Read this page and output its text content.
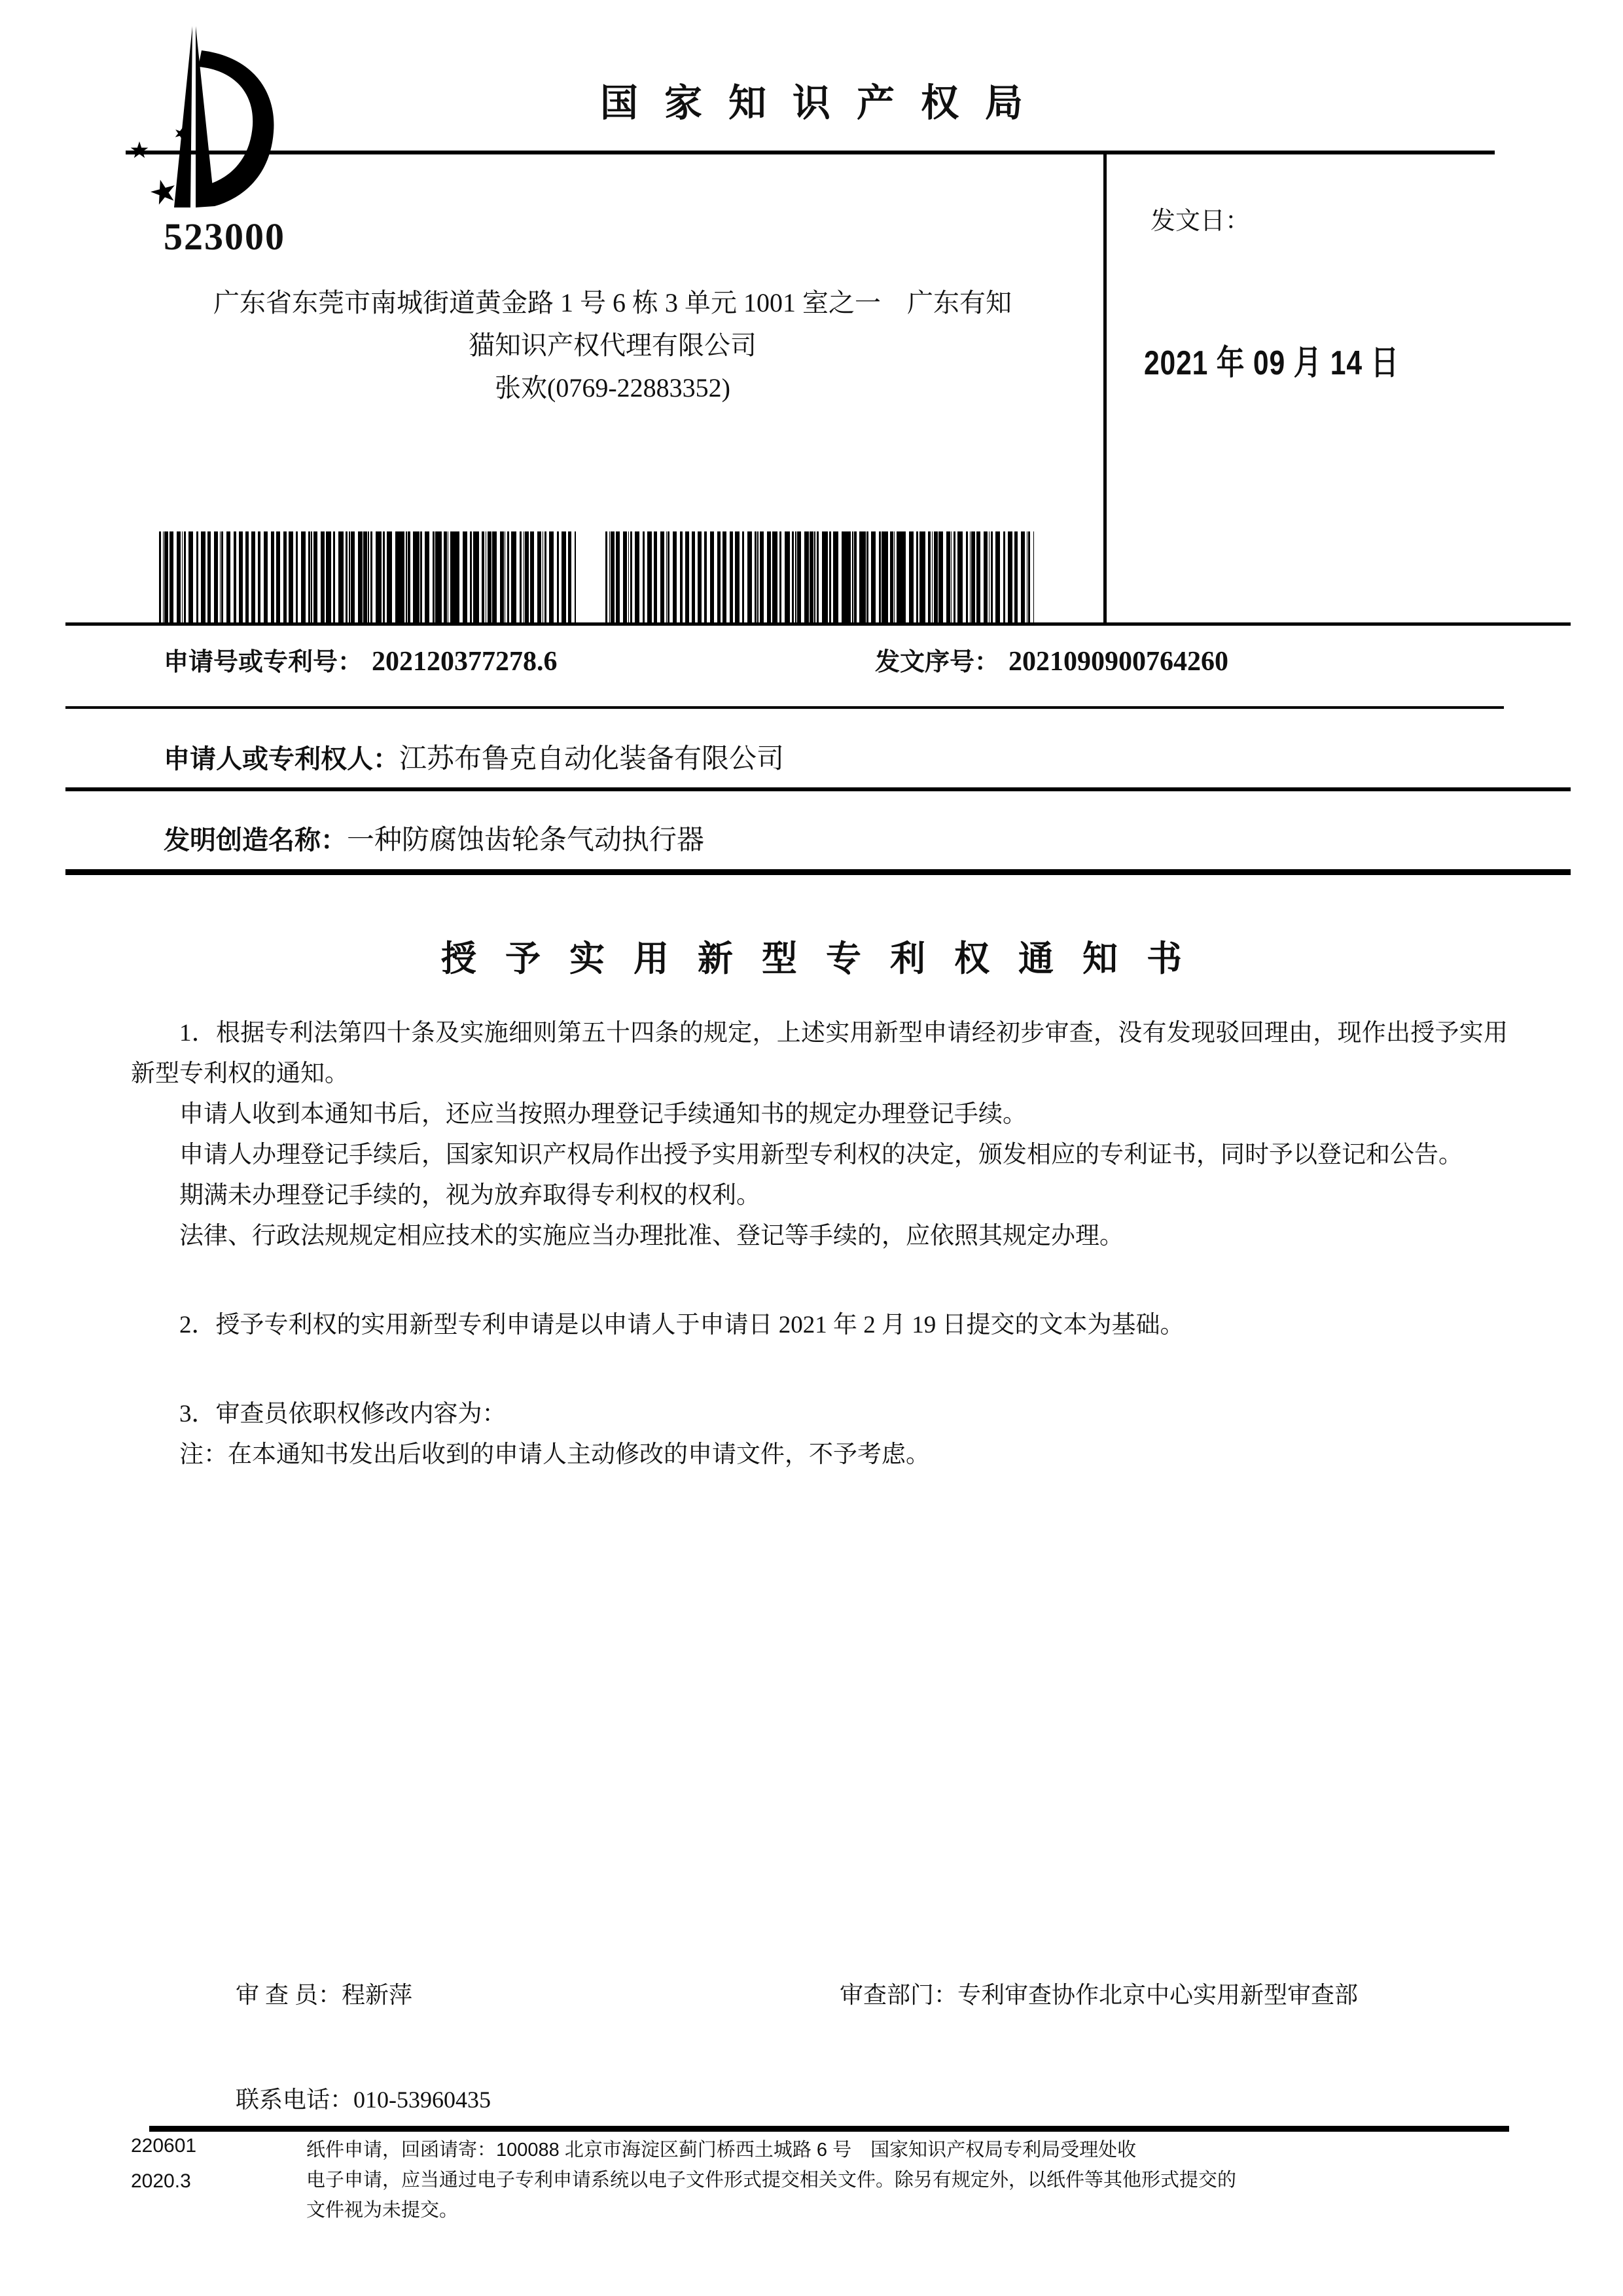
国家知识产权局
523000
广东省东莞市南城街道黄金路 1 号 6 栋 3 单元 1001 室之一　广东有知
猫知识产权代理有限公司
张欢(0769-22883352)
发文日：
2021 年 09 月 14 日
申请号或专利号： 202120377278.6	发文序号： 2021090900764260
申请人或专利权人：江苏布鲁克自动化装备有限公司
发明创造名称：一种防腐蚀齿轮条气动执行器
授予实用新型专利权通知书

1．根据专利法第四十条及实施细则第五十四条的规定，上述实用新型申请经初步审查，没有发现驳回理由，现作出授予实用新型专利权的通知。

申请人收到本通知书后，还应当按照办理登记手续通知书的规定办理登记手续。

申请人办理登记手续后，国家知识产权局作出授予实用新型专利权的决定，颁发相应的专利证书，同时予以登记和公告。

期满未办理登记手续的，视为放弃取得专利权的权利。

法律、行政法规规定相应技术的实施应当办理批准、登记等手续的，应依照其规定办理。

2．授予专利权的实用新型专利申请是以申请人于申请日 2021 年 2 月 19 日提交的文本为基础。

3．审查员依职权修改内容为：

注：在本通知书发出后收到的申请人主动修改的申请文件，不予考虑。

审 查 员：程新萍	审查部门：专利审查协作北京中心实用新型审查部
联系电话：010-53960435
220601
2020.3

纸件申请，回函请寄：100088 北京市海淀区蓟门桥西土城路 6 号　国家知识产权局专利局受理处收

电子申请，应当通过电子专利申请系统以电子文件形式提交相关文件。除另有规定外，以纸件等其他形式提交的

文件视为未提交。
